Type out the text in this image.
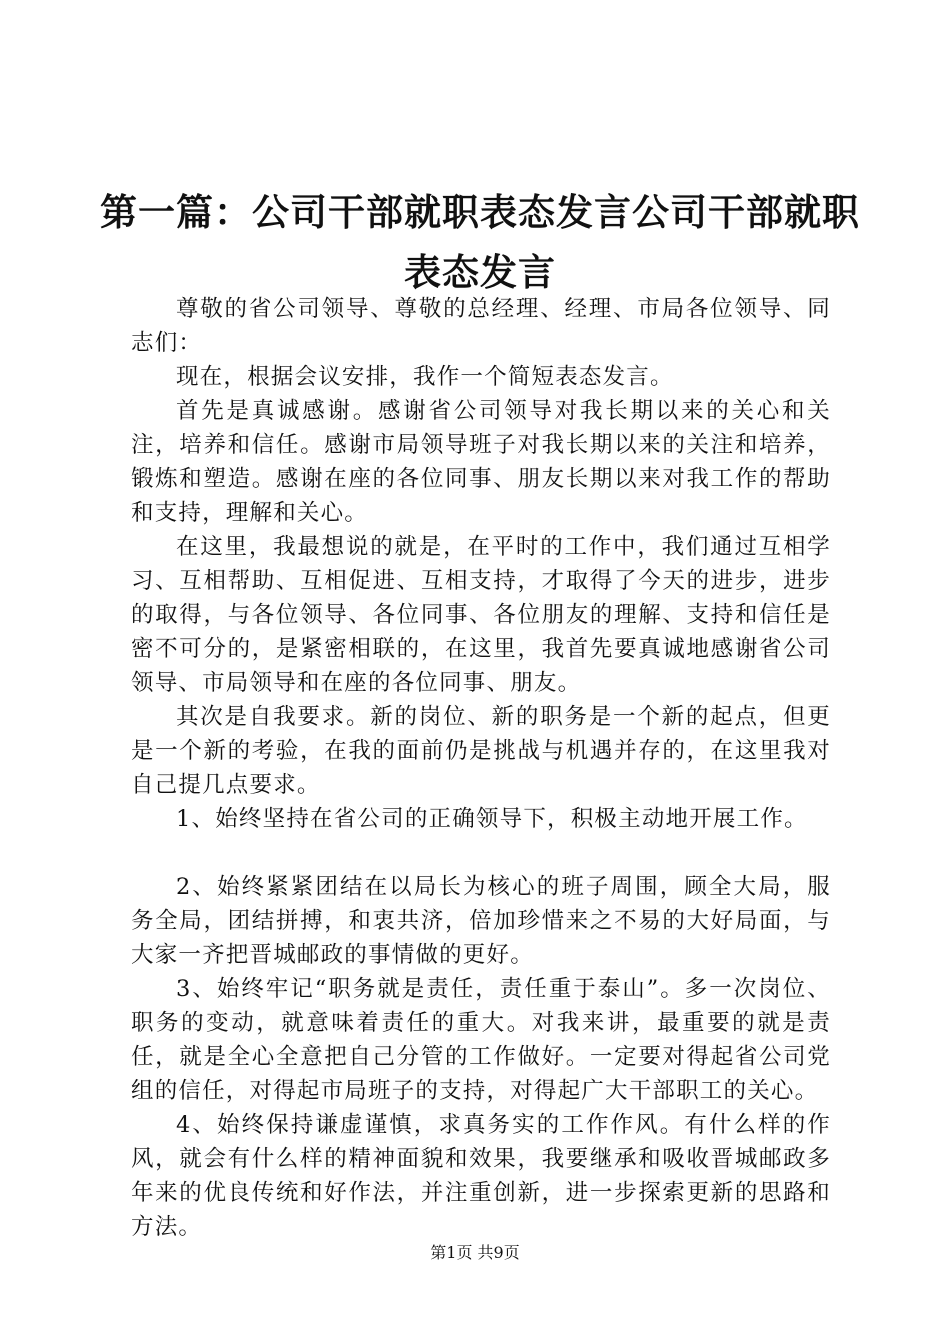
第一篇：公司干部就职表态发言公司干部就职表态发言

尊敬的省公司领导、尊敬的总经理、经理、市局各位领导、同志们：

现在，根据会议安排，我作一个简短表态发言。

首先是真诚感谢。感谢省公司领导对我长期以来的关心和关注，培养和信任。感谢市局领导班子对我长期以来的关注和培养，锻炼和塑造。感谢在座的各位同事、朋友长期以来对我工作的帮助和支持，理解和关心。

在这里，我最想说的就是，在平时的工作中，我们通过互相学习、互相帮助、互相促进、互相支持，才取得了今天的进步，进步的取得，与各位领导、各位同事、各位朋友的理解、支持和信任是密不可分的，是紧密相联的，在这里，我首先要真诚地感谢省公司领导、市局领导和在座的各位同事、朋友。

其次是自我要求。新的岗位、新的职务是一个新的起点，但更是一个新的考验，在我的面前仍是挑战与机遇并存的，在这里我对自己提几点要求。

1、始终坚持在省公司的正确领导下，积极主动地开展工作。

2、始终紧紧团结在以局长为核心的班子周围，顾全大局，服务全局，团结拼搏，和衷共济，倍加珍惜来之不易的大好局面，与大家一齐把晋城邮政的事情做的更好。

3、始终牢记“职务就是责任，责任重于泰山”。多一次岗位、职务的变动，就意味着责任的重大。对我来讲，最重要的就是责任，就是全心全意把自己分管的工作做好。一定要对得起省公司党组的信任，对得起市局班子的支持，对得起广大干部职工的关心。

4、始终保持谦虚谨慎，求真务实的工作作风。有什么样的作风，就会有什么样的精神面貌和效果，我要继承和吸收晋城邮政多年来的优良传统和好作法，并注重创新，进一步探索更新的思路和方法。

第1页 共9页
